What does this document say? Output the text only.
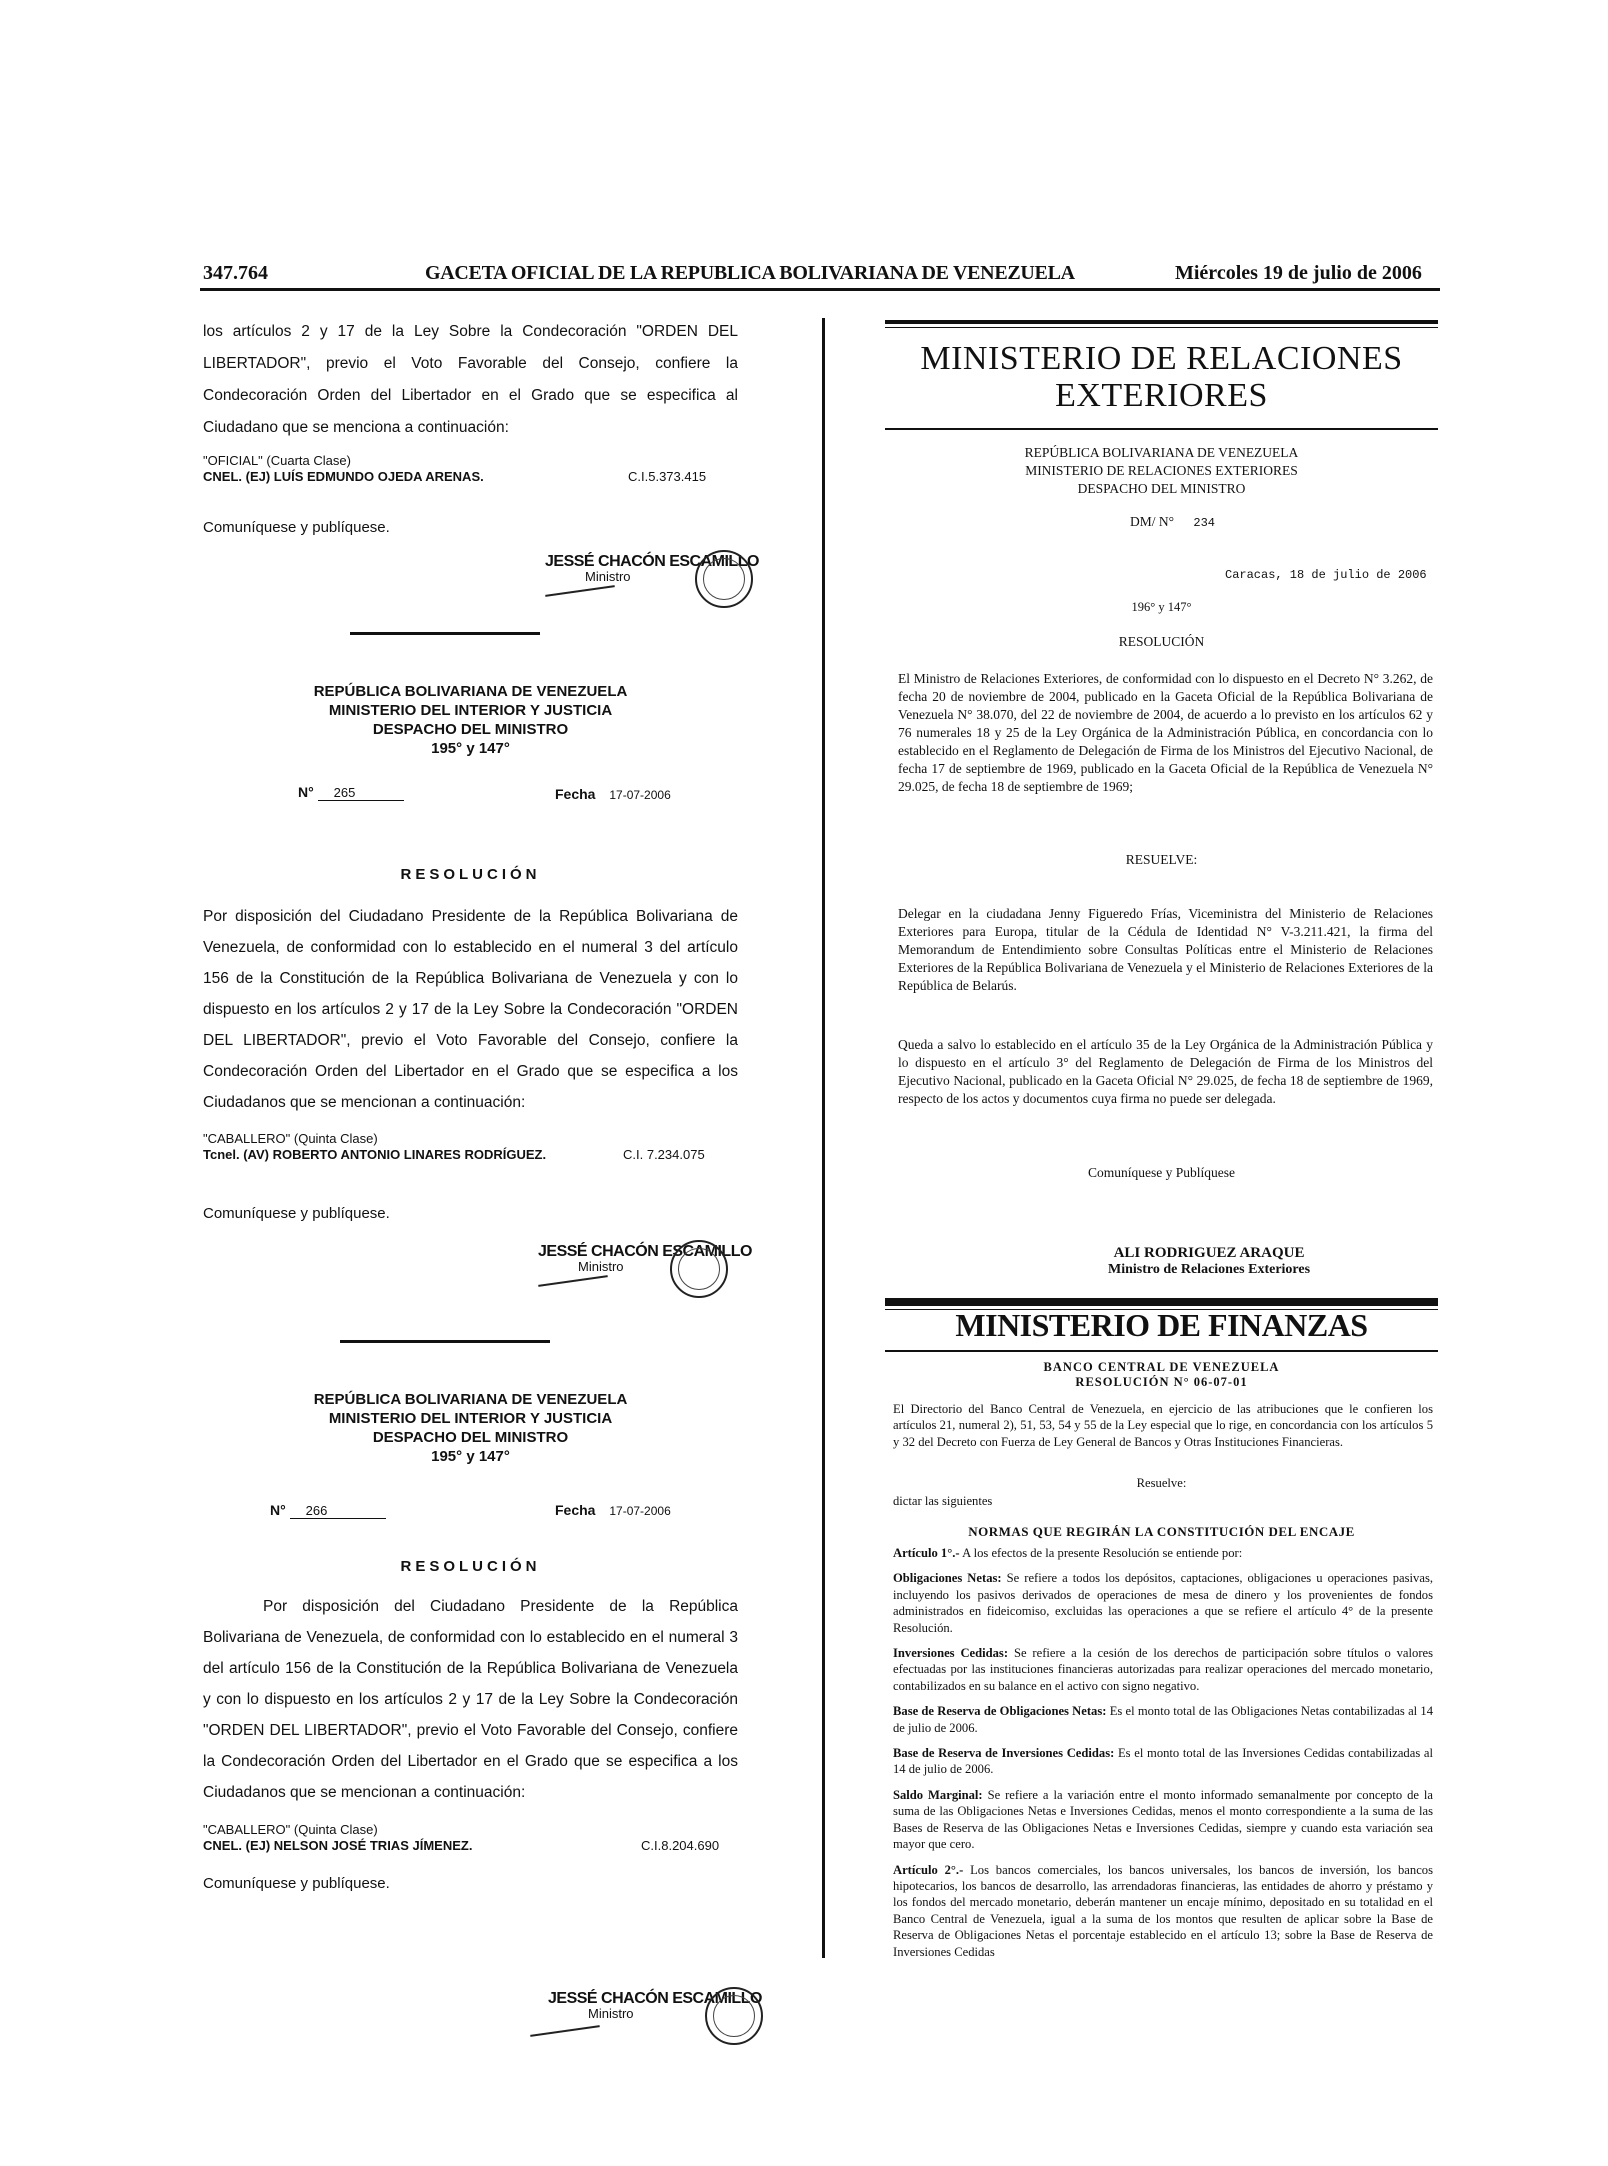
347.764	GACETA OFICIAL DE LA REPUBLICA BOLIVARIANA DE VENEZUELA	Miércoles 19 de julio de 2006

los artículos 2 y 17 de la Ley Sobre la Condecoración "ORDEN DEL LIBERTADOR", previo el Voto Favorable del Consejo, confiere la Condecoración Orden del Libertador en el Grado que se especifica al Ciudadano que se menciona a continuación:

"OFICIAL" (Cuarta Clase)

CNEL. (EJ) LUÍS EDMUNDO OJEDA ARENAS.	C.I.5.373.415

Comuníquese y publíquese.

JESSÉ CHACÓN ESCAMILLO
Ministro

REPÚBLICA BOLIVARIANA DE VENEZUELA

MINISTERIO DEL INTERIOR Y JUSTICIA

DESPACHO DEL MINISTRO

195° y 147°

N° 265	Fecha 17-07-2006
RESOLUCIÓN

Por disposición del Ciudadano Presidente de la República Bolivariana de Venezuela, de conformidad con lo establecido en el numeral 3 del artículo 156 de la Constitución de la República Bolivariana de Venezuela y con lo dispuesto en los artículos 2 y 17 de la Ley Sobre la Condecoración "ORDEN DEL LIBERTADOR", previo el Voto Favorable del Consejo, confiere la Condecoración Orden del Libertador en el Grado que se especifica a los Ciudadanos que se mencionan a continuación:

"CABALLERO" (Quinta Clase)

Tcnel. (AV) ROBERTO ANTONIO LINARES RODRÍGUEZ.	C.I. 7.234.075

Comuníquese y publíquese.

JESSÉ CHACÓN ESCAMILLO
Ministro

REPÚBLICA BOLIVARIANA DE VENEZUELA

MINISTERIO DEL INTERIOR Y JUSTICIA

DESPACHO DEL MINISTRO

195° y 147°

N° 266	Fecha 17-07-2006
RESOLUCIÓN

Por disposición del Ciudadano Presidente de la República Bolivariana de Venezuela, de conformidad con lo establecido en el numeral 3 del artículo 156 de la Constitución de la República Bolivariana de Venezuela y con lo dispuesto en los artículos 2 y 17 de la Ley Sobre la Condecoración "ORDEN DEL LIBERTADOR", previo el Voto Favorable del Consejo, confiere la Condecoración Orden del Libertador en el Grado que se especifica a los Ciudadanos que se mencionan a continuación:

"CABALLERO" (Quinta Clase)

CNEL. (EJ) NELSON JOSÉ TRIAS JÍMENEZ.	C.I.8.204.690

Comuníquese y publíquese.

JESSÉ CHACÓN ESCAMILLO
Ministro
MINISTERIO DE RELACIONES
EXTERIORES

REPÚBLICA BOLIVARIANA DE VENEZUELA

MINISTERIO DE RELACIONES EXTERIORES

DESPACHO DEL MINISTRO

DM/ N° 234
Caracas, 18 de julio de 2006
196° y 147°
RESOLUCIÓN

El Ministro de Relaciones Exteriores, de conformidad con lo dispuesto en el Decreto N° 3.262, de fecha 20 de noviembre de 2004, publicado en la Gaceta Oficial de la República Bolivariana de Venezuela N° 38.070, del 22 de noviembre de 2004, de acuerdo a lo previsto en los artículos 62 y 76 numerales 18 y 25 de la Ley Orgánica de la Administración Pública, en concordancia con lo establecido en el Reglamento de Delegación de Firma de los Ministros del Ejecutivo Nacional, de fecha 17 de septiembre de 1969, publicado en la Gaceta Oficial de la República de Venezuela N° 29.025, de fecha 18 de septiembre de 1969;

RESUELVE:

Delegar en la ciudadana Jenny Figueredo Frías, Viceministra del Ministerio de Relaciones Exteriores para Europa, titular de la Cédula de Identidad N° V-3.211.421, la firma del Memorandum de Entendimiento sobre Consultas Políticas entre el Ministerio de Relaciones Exteriores de la República Bolivariana de Venezuela y el Ministerio de Relaciones Exteriores de la República de Belarús.

Queda a salvo lo establecido en el artículo 35 de la Ley Orgánica de la Administración Pública y lo dispuesto en el artículo 3° del Reglamento de Delegación de Firma de los Ministros del Ejecutivo Nacional, publicado en la Gaceta Oficial N° 29.025, de fecha 18 de septiembre de 1969, respecto de los actos y documentos cuya firma no puede ser delegada.

Comuníquese y Publíquese
ALI RODRIGUEZ ARAQUE
Ministro de Relaciones Exteriores
MINISTERIO DE FINANZAS
BANCO CENTRAL DE VENEZUELA
RESOLUCIÓN N° 06-07-01

El Directorio del Banco Central de Venezuela, en ejercicio de las atribuciones que le confieren los artículos 21, numeral 2), 51, 53, 54 y 55 de la Ley especial que lo rige, en concordancia con los artículos 5 y 32 del Decreto con Fuerza de Ley General de Bancos y Otras Instituciones Financieras.

Resuelve:
dictar las siguientes
NORMAS QUE REGIRÁN LA CONSTITUCIÓN DEL ENCAJE

Artículo 1°.- A los efectos de la presente Resolución se entiende por:

Obligaciones Netas: Se refiere a todos los depósitos, captaciones, obligaciones u operaciones pasivas, incluyendo los pasivos derivados de operaciones de mesa de dinero y los provenientes de fondos administrados en fideicomiso, excluidas las operaciones a que se refiere el artículo 4° de la presente Resolución.

Inversiones Cedidas: Se refiere a la cesión de los derechos de participación sobre títulos o valores efectuadas por las instituciones financieras autorizadas para realizar operaciones del mercado monetario, contabilizados en su balance en el activo con signo negativo.

Base de Reserva de Obligaciones Netas: Es el monto total de las Obligaciones Netas contabilizadas al 14 de julio de 2006.

Base de Reserva de Inversiones Cedidas: Es el monto total de las Inversiones Cedidas contabilizadas al 14 de julio de 2006.

Saldo Marginal: Se refiere a la variación entre el monto informado semanalmente por concepto de la suma de las Obligaciones Netas e Inversiones Cedidas, menos el monto correspondiente a la suma de las Bases de Reserva de las Obligaciones Netas e Inversiones Cedidas, siempre y cuando esta variación sea mayor que cero.

Artículo 2°.- Los bancos comerciales, los bancos universales, los bancos de inversión, los bancos hipotecarios, los bancos de desarrollo, las arrendadoras financieras, las entidades de ahorro y préstamo y los fondos del mercado monetario, deberán mantener un encaje mínimo, depositado en su totalidad en el Banco Central de Venezuela, igual a la suma de los montos que resulten de aplicar sobre la Base de Reserva de Obligaciones Netas el porcentaje establecido en el artículo 13; sobre la Base de Reserva de Inversiones Cedidas
